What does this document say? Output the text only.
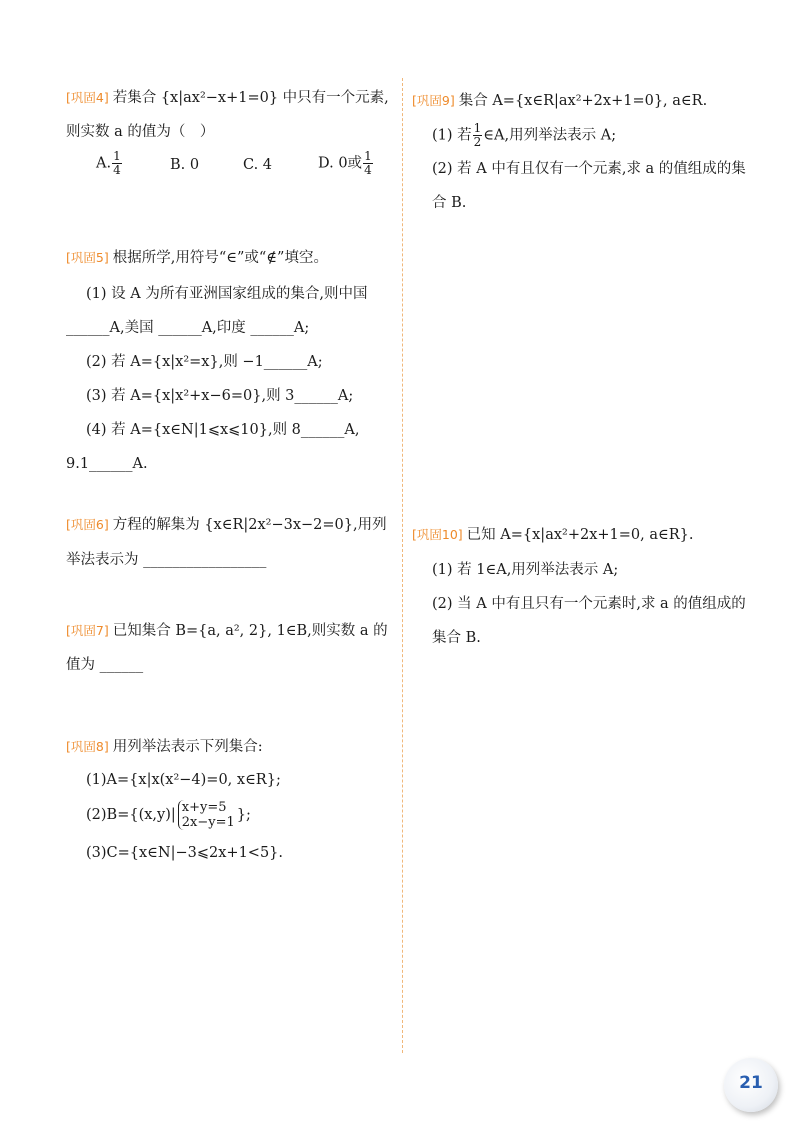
[巩固4] 若集合 {x|ax²−x+1=0} 中只有一个元素,
则实数 a 的值为（　）
A. $\frac{1}{4}$	B. 0	C. 4	D. 0或 $\frac{1}{4}$
[巩固5] 根据所学,用符号“∈”或“∉”填空。
(1) 设 A 为所有亚洲国家组成的集合,则中国
______A,美国 ______A,印度 ______A;
(2) 若 A={x|x²=x},则 −1______A;
(3) 若 A={x|x²+x−6=0},则 3______A;
(4) 若 A={x∈N|1⩽x⩽10},则 8______A,
9.1______A.
[巩固6] 方程的解集为 {x∈R|2x²−3x−2=0},用列
举法表示为 _________________
[巩固7] 已知集合 B={a, a², 2}, 1∈B,则实数 a 的
值为 ______
[巩固8] 用列举法表示下列集合:
(1)A={x|x(x²−4)=0, x∈R};
(2)B={(x,y)| x+y=5
2x−y=1 };
(3)C={x∈N|−3⩽2x+1<5}.
[巩固9] 集合 A={x∈R|ax²+2x+1=0}, a∈R.
(1) 若 $\frac{1}{2}$ ∈A,用列举法表示 A;
(2) 若 A 中有且仅有一个元素,求 a 的值组成的集
合 B.
[巩固10] 已知 A={x|ax²+2x+1=0, a∈R}.
(1) 若 1∈A,用列举法表示 A;
(2) 当 A 中有且只有一个元素时,求 a 的值组成的
集合 B.
21
